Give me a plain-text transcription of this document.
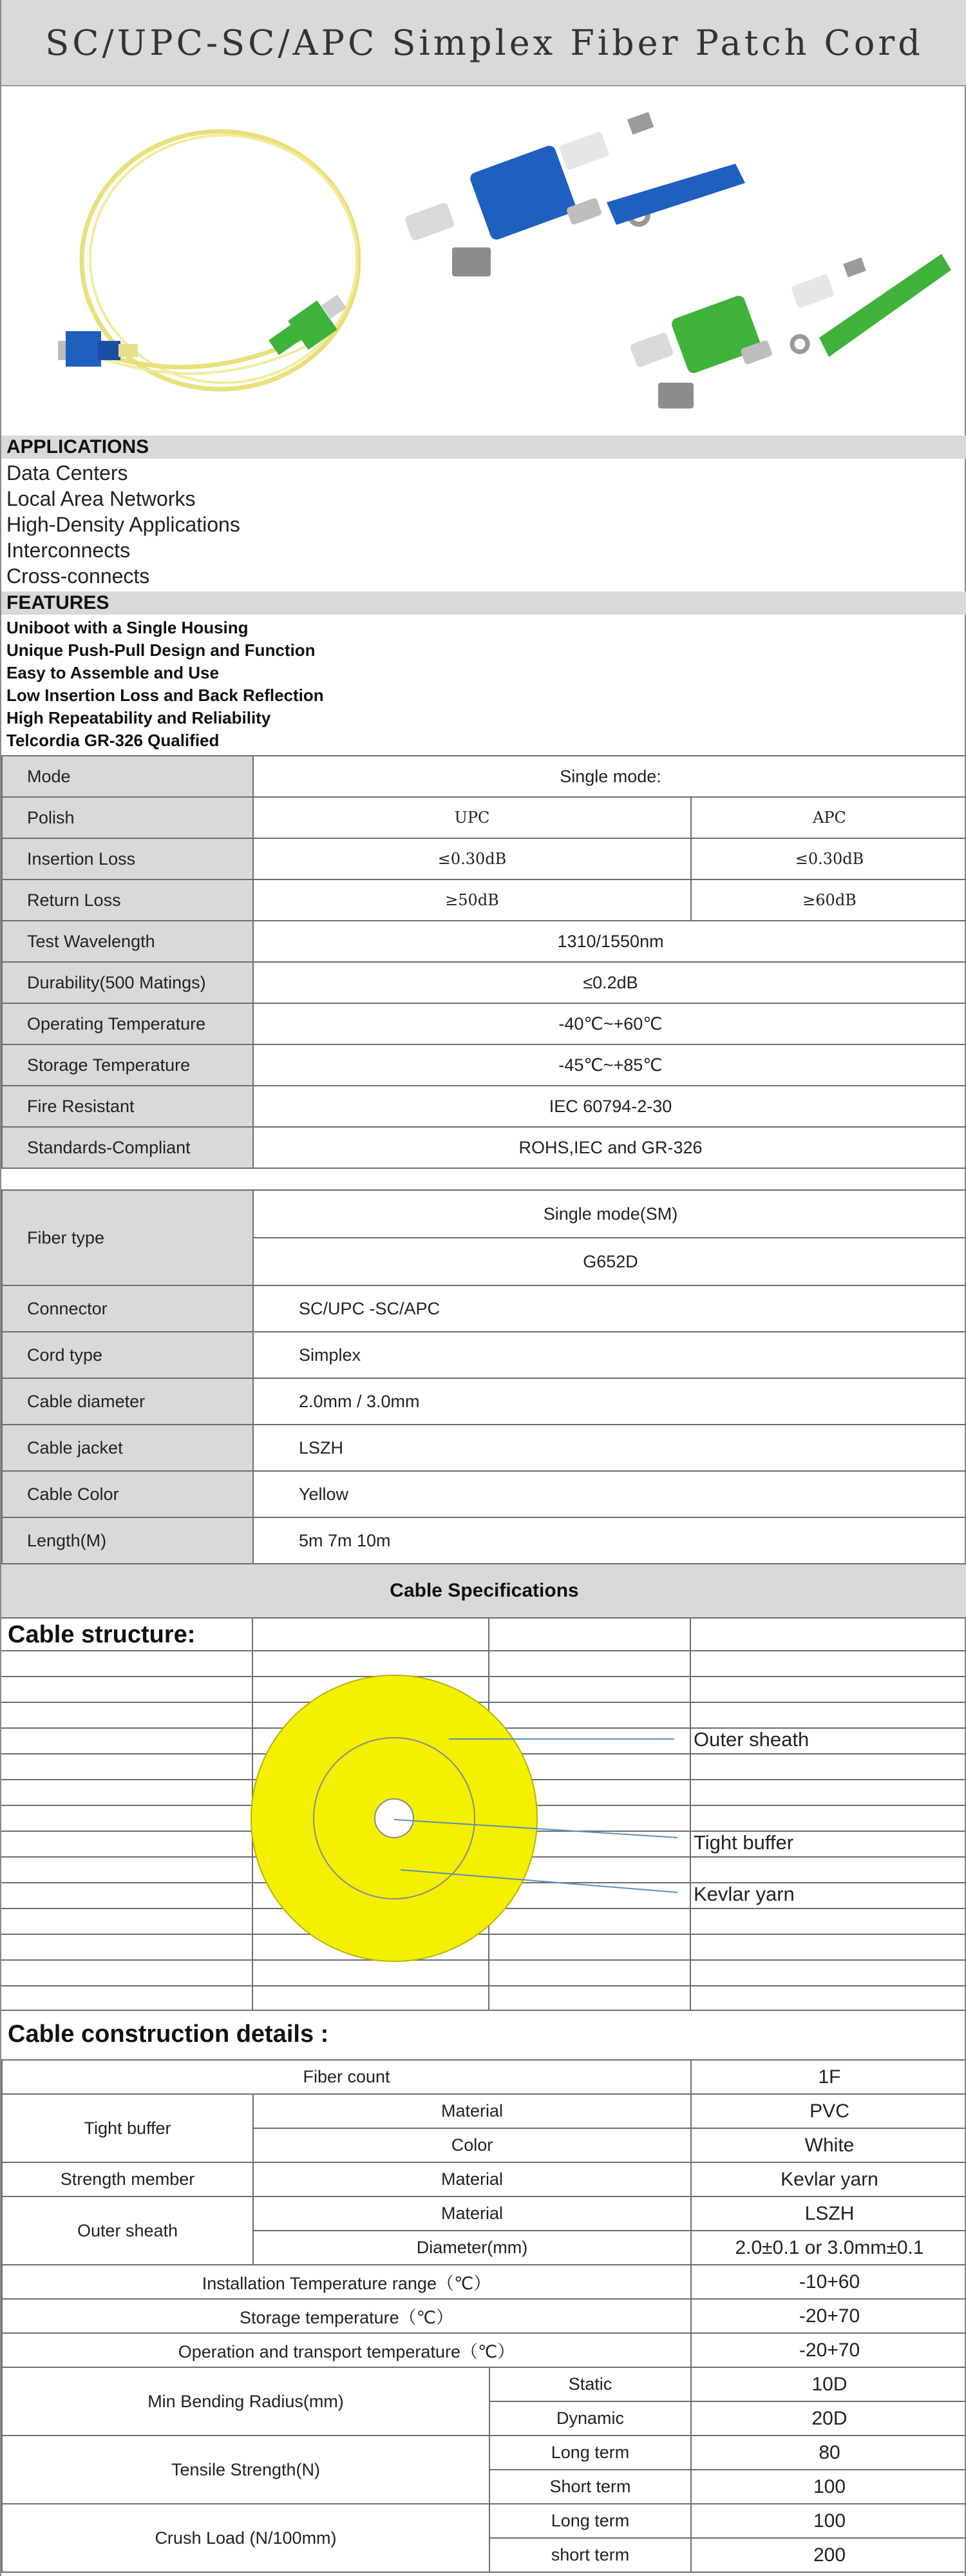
SC/UPC-SC/APC Simplex Fiber Patch Cord
APPLICATIONS
Data Centers
Local Area Networks
High-Density Applications
Interconnects
Cross-connects
FEATURES
Uniboot with a Single Housing
Unique Push-Pull Design and Function
Easy to Assemble and Use
Low Insertion Loss and Back Reflection
High Repeatability and Reliability
Telcordia GR-326 Qualified
Mode	Single mode:	
Polish	UPC	APC
Insertion Loss	≤0.30dB	≤0.30dB
Return Loss	≥50dB	≥60dB
Test Wavelength	1310/1550nm	
Durability(500 Matings)	≤0.2dB	
Operating Temperature	-40℃~+60℃	
Storage Temperature	-45℃~+85℃	
Fire Resistant	IEC 60794-2-30	
Standards-Compliant	ROHS,IEC and GR-326	
Fiber type	Single mode(SM)
	G652D
Connector	SC/UPC -SC/APC
Cord type	Simplex
Cable diameter	2.0mm / 3.0mm
Cable jacket	LSZH
Cable Color	Yellow
Length(M)	5m 7m 10m
Cable Specifications
Cable structure:
Outer sheath
Tight buffer
Kevlar yarn
Cable construction details :
Fiber count			1F
Tight buffer	Material		PVC
	Color		White
Strength member	Material		Kevlar yarn
Outer sheath	Material		LSZH
	Diameter(mm)		2.0±0.1 or 3.0mm±0.1
Installation Temperature range（℃）			-10+60
Storage temperature（℃）			-20+70
Operation and transport temperature（℃）			-20+70
Min Bending Radius(mm)		Static	10D
		Dynamic	20D
Tensile Strength(N)		Long term	80
		Short term	100
Crush Load (N/100mm)		Long term	100
		short term	200
